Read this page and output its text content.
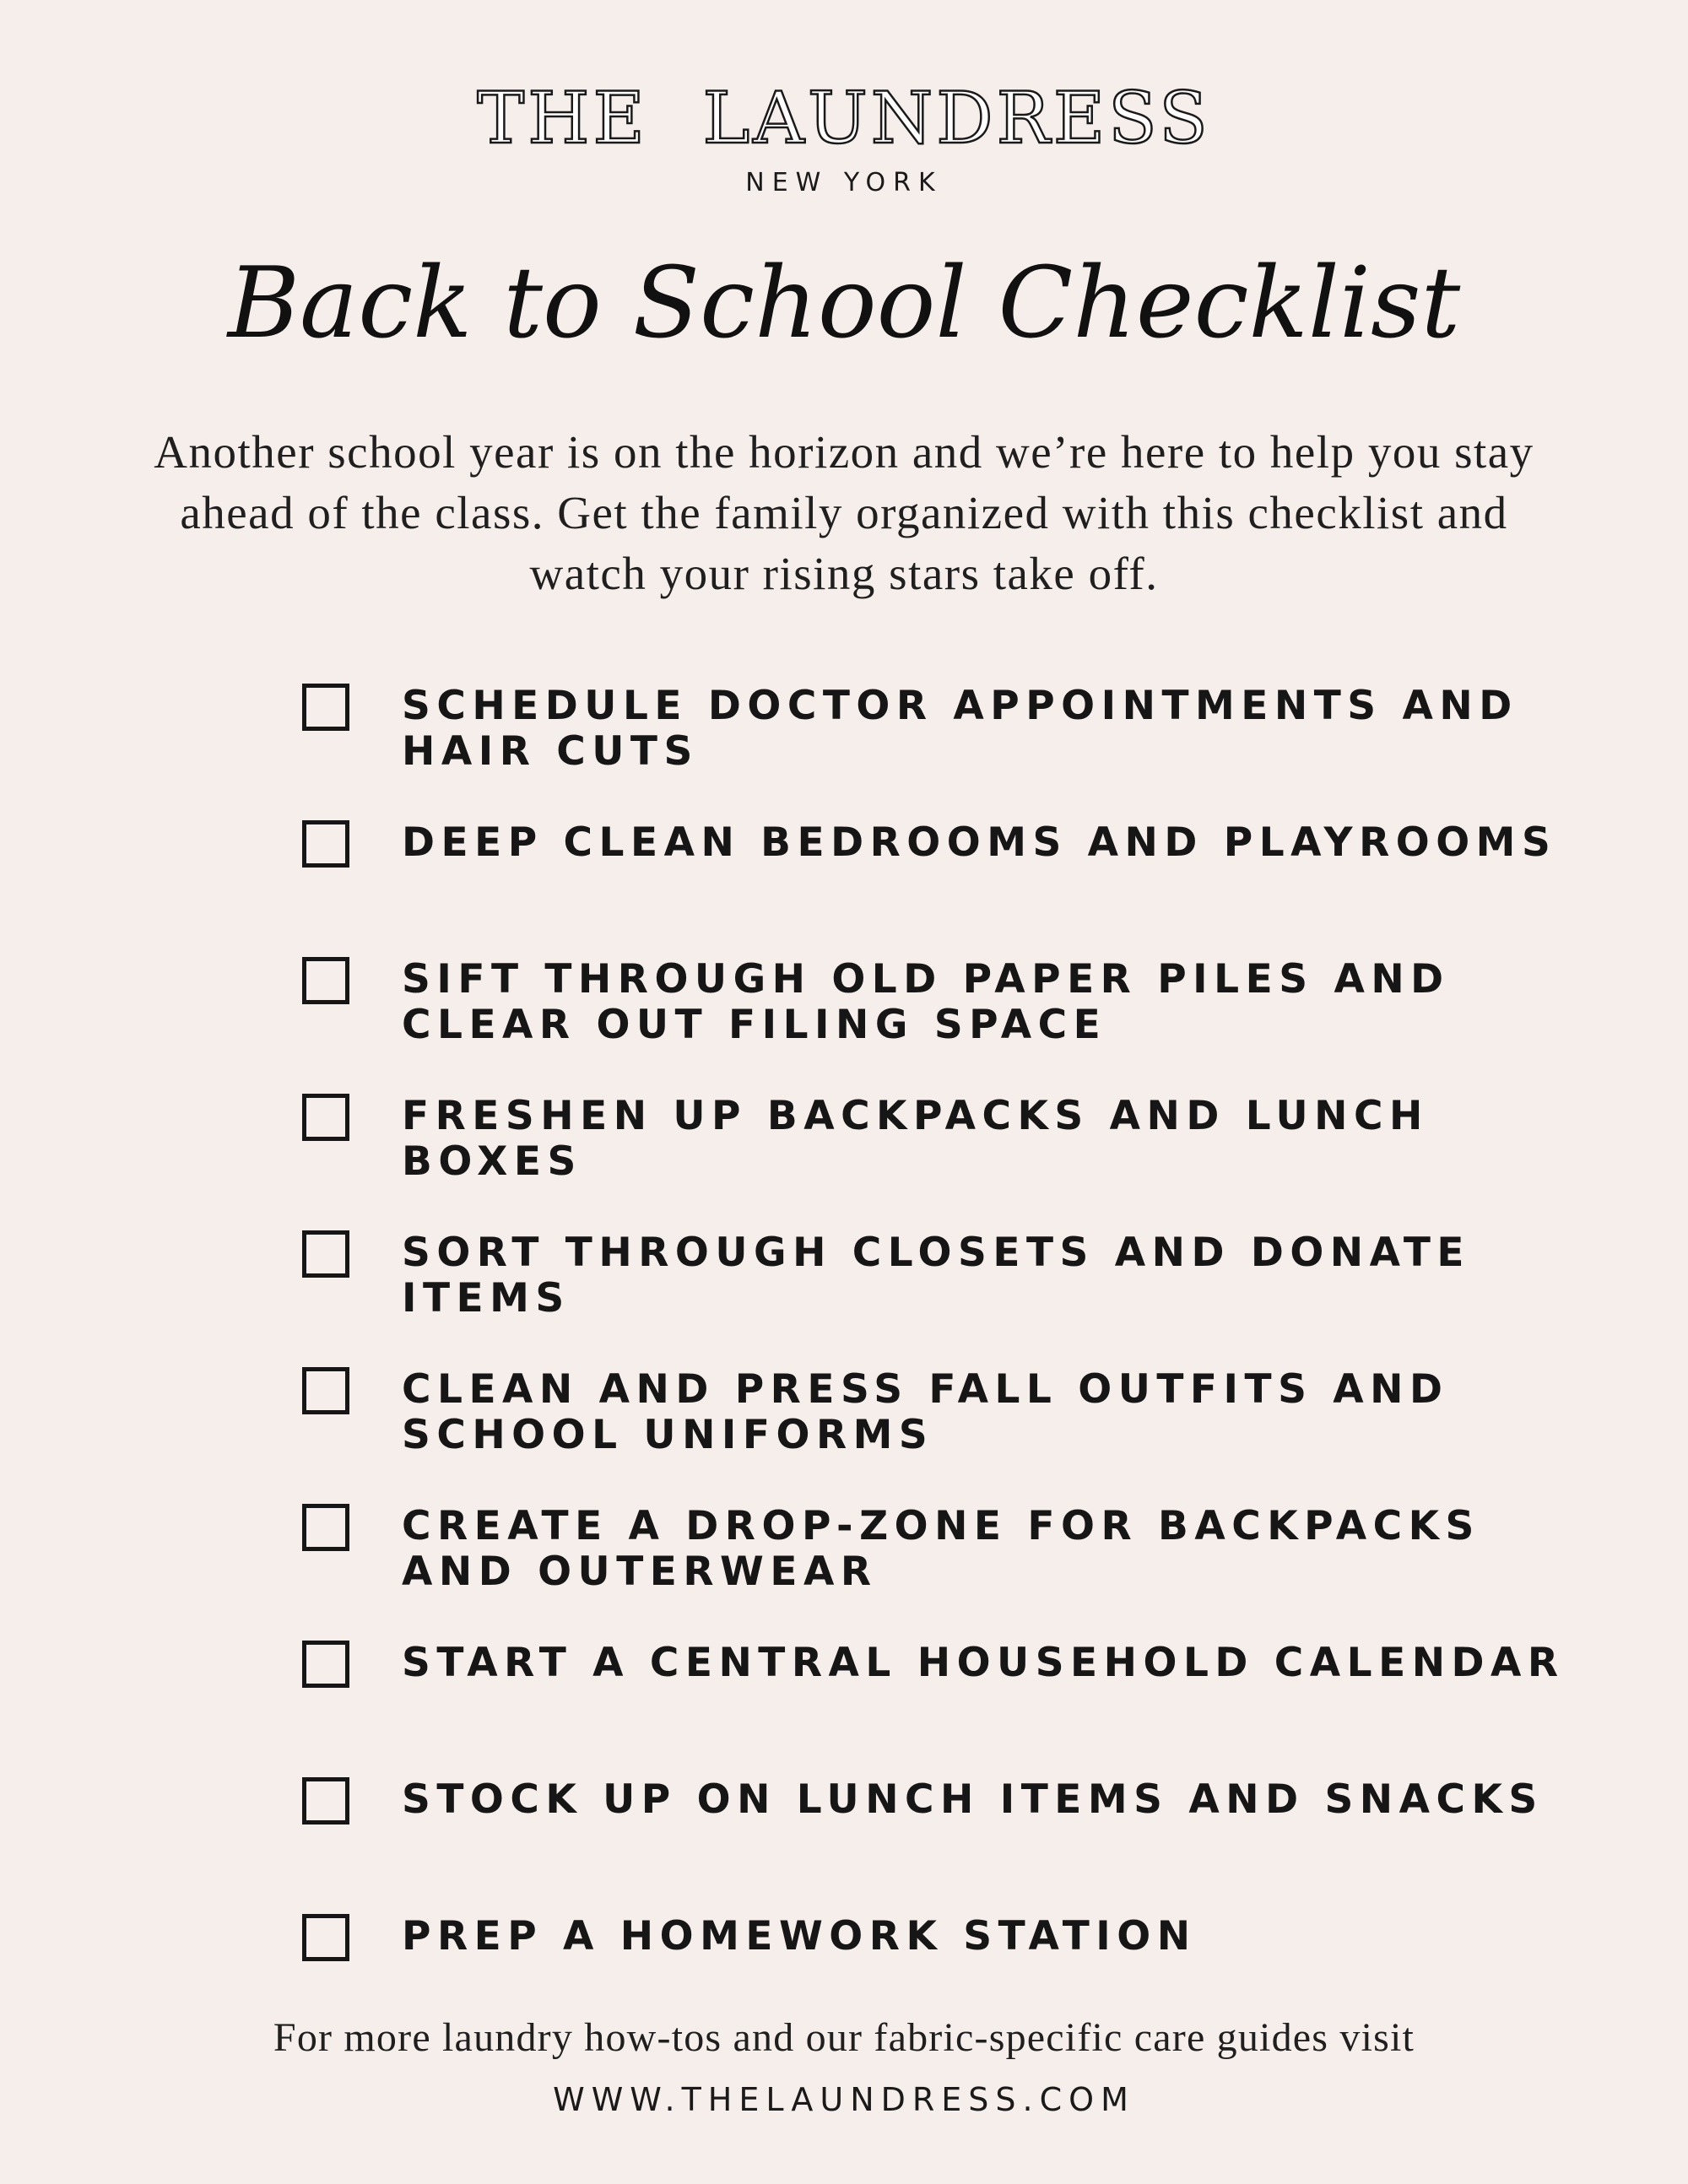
THE LAUNDRESS
NEW YORK
Back to School Checklist

Another school year is on the horizon and we’re here to help you stay ahead of the class. Get the family organized with this checklist and watch your rising stars take off.

SCHEDULE DOCTOR APPOINTMENTS AND HAIR CUTS
DEEP CLEAN BEDROOMS AND PLAYROOMS
SIFT THROUGH OLD PAPER PILES AND CLEAR OUT FILING SPACE
FRESHEN UP BACKPACKS AND LUNCH BOXES
SORT THROUGH CLOSETS AND DONATE ITEMS
CLEAN AND PRESS FALL OUTFITS AND SCHOOL UNIFORMS
CREATE A DROP-ZONE FOR BACKPACKS AND OUTERWEAR
START A CENTRAL HOUSEHOLD CALENDAR
STOCK UP ON LUNCH ITEMS AND SNACKS
PREP A HOMEWORK STATION
For more laundry how-tos and our fabric-specific care guides visit
WWW.THELAUNDRESS.COM
